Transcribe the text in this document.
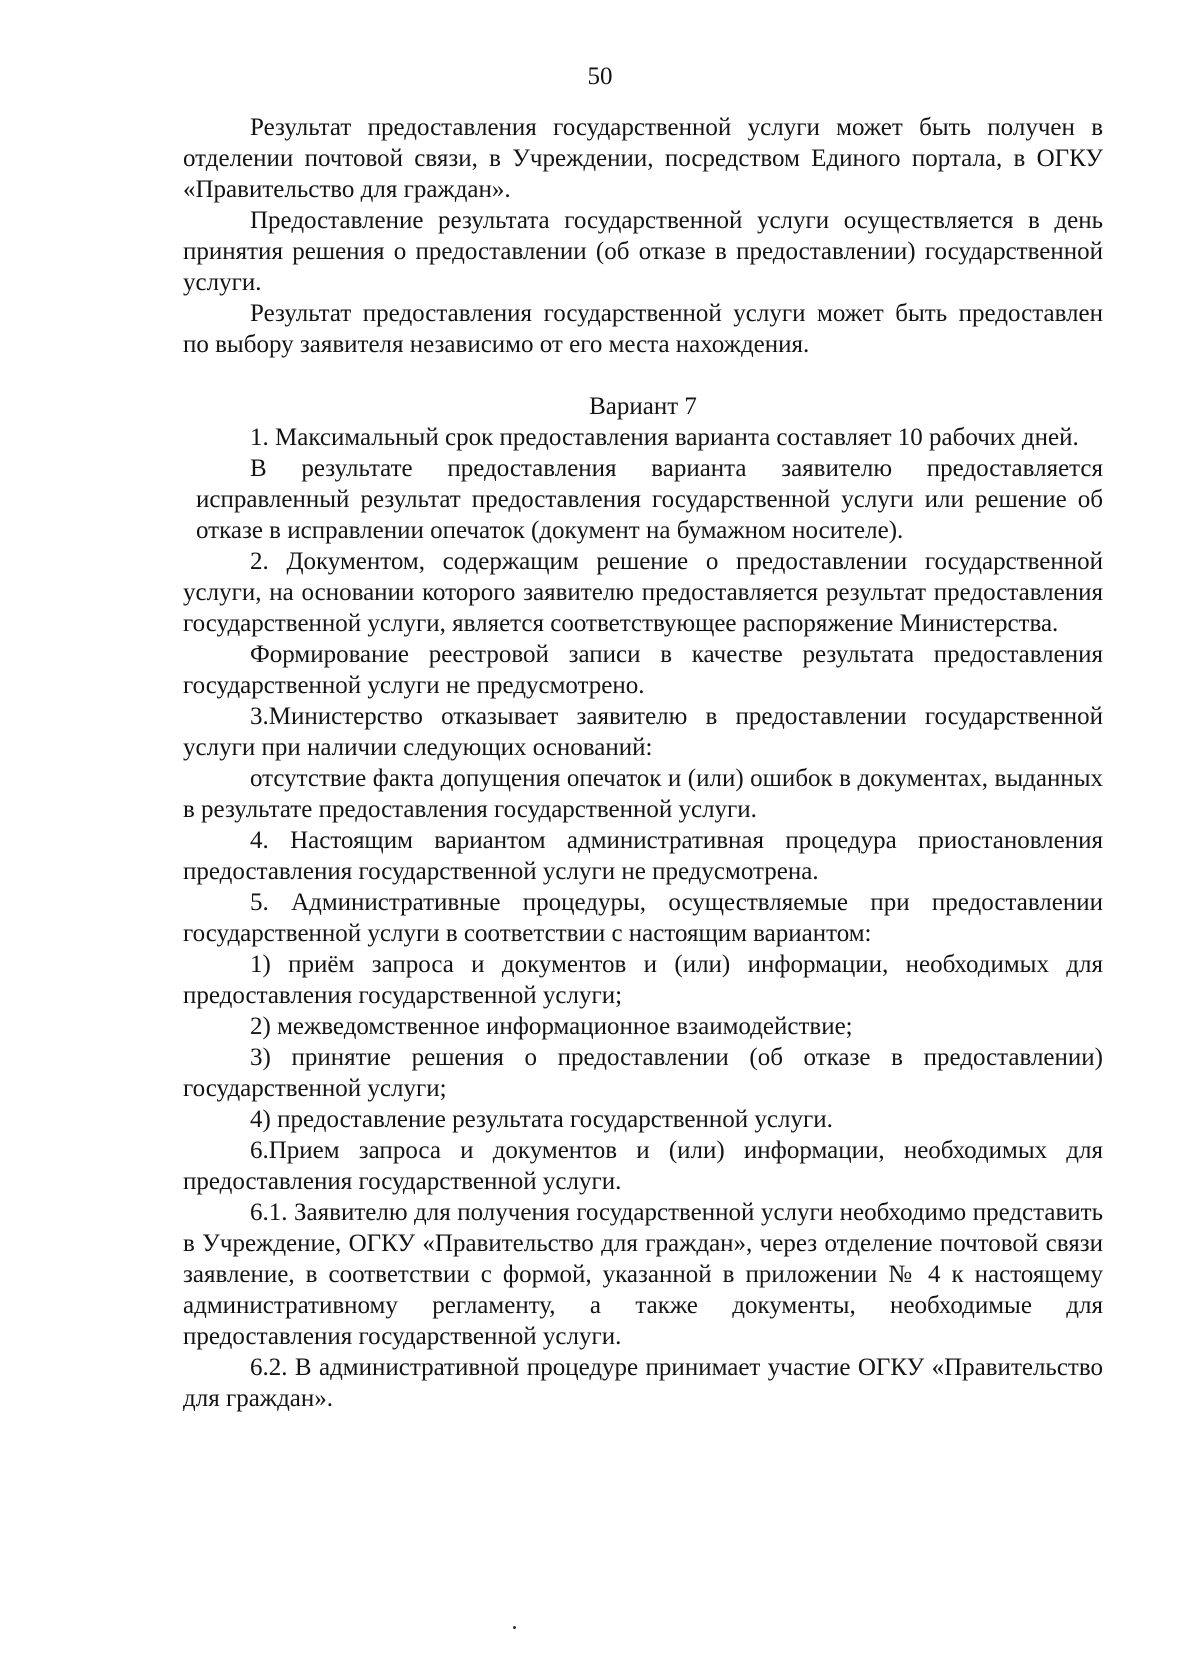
50

Результат предоставления государственной услуги может быть получен в отделении почтовой связи, в Учреждении, посредством Единого портала, в ОГКУ «Правительство для граждан».

Предоставление результата государственной услуги осуществляется в день принятия решения о предоставлении (об отказе в предоставлении) государственной услуги.

Результат предоставления государственной услуги может быть предоставлен по выбору заявителя независимо от его места нахождения.

Вариант 7

1. Максимальный срок предоставления варианта составляет 10 рабочих дней.

В результате предоставления варианта заявителю предоставляется исправленный результат предоставления государственной услуги или решение об отказе в исправлении опечаток (документ на бумажном носителе).

2. Документом, содержащим решение о предоставлении государственной услуги, на основании которого заявителю предоставляется результат предоставления государственной услуги, является соответствующее распоряжение Министерства.

Формирование реестровой записи в качестве результата предоставления государственной услуги не предусмотрено.

3.Министерство отказывает заявителю в предоставлении государственной услуги при наличии следующих оснований:

отсутствие факта допущения опечаток и (или) ошибок в документах, выданных в результате предоставления государственной услуги.

4. Настоящим вариантом административная процедура приостановления предоставления государственной услуги не предусмотрена.

5. Административные процедуры, осуществляемые при предоставлении государственной услуги в соответствии с настоящим вариантом:

1) приём запроса и документов и (или) информации, необходимых для предоставления государственной услуги;

2) межведомственное информационное взаимодействие;

3) принятие решения о предоставлении (об отказе в предоставлении) государственной услуги;

4) предоставление результата государственной услуги.

6.Прием запроса и документов и (или) информации, необходимых для предоставления государственной услуги.

6.1. Заявителю для получения государственной услуги необходимо представить в Учреждение, ОГКУ «Правительство для граждан», через отделение почтовой связи заявление, в соответствии с формой, указанной в приложении № 4 к настоящему административному регламенту, а также документы, необходимые для предоставления государственной услуги.

6.2. В административной процедуре принимает участие ОГКУ «Правительство для граждан».
